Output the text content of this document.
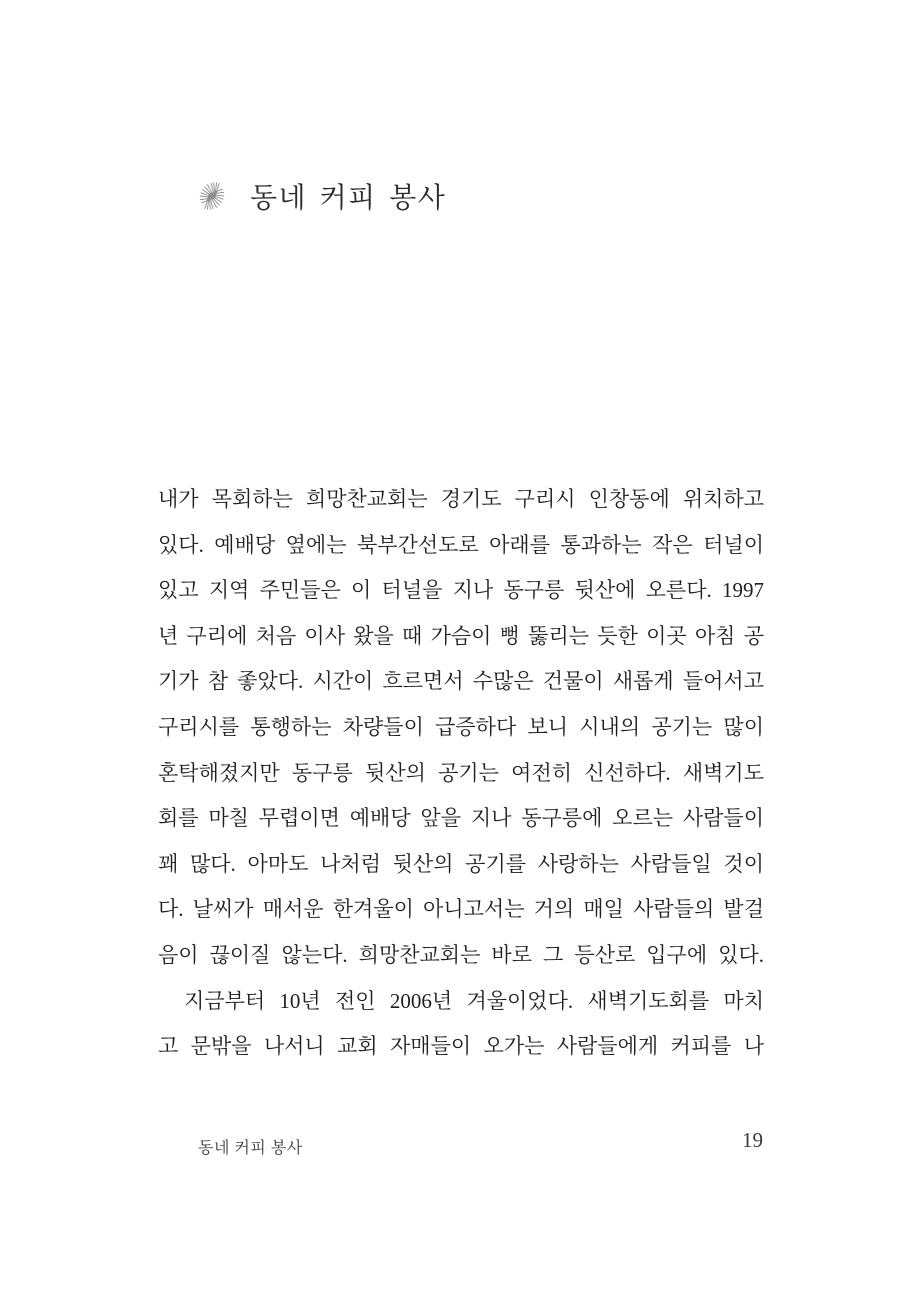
동네 커피 봉사
내가 목회하는 희망찬교회는 경기도 구리시 인창동에 위치하고
있다. 예배당 옆에는 북부간선도로 아래를 통과하는 작은 터널이
있고 지역 주민들은 이 터널을 지나 동구릉 뒷산에 오른다. 1997
년 구리에 처음 이사 왔을 때 가슴이 뻥 뚫리는 듯한 이곳 아침 공
기가 참 좋았다. 시간이 흐르면서 수많은 건물이 새롭게 들어서고
구리시를 통행하는 차량들이 급증하다 보니 시내의 공기는 많이
혼탁해졌지만 동구릉 뒷산의 공기는 여전히 신선하다. 새벽기도
회를 마칠 무렵이면 예배당 앞을 지나 동구릉에 오르는 사람들이
꽤 많다. 아마도 나처럼 뒷산의 공기를 사랑하는 사람들일 것이
다. 날씨가 매서운 한겨울이 아니고서는 거의 매일 사람들의 발걸
음이 끊이질 않는다. 희망찬교회는 바로 그 등산로 입구에 있다.
지금부터 10년 전인 2006년 겨울이었다. 새벽기도회를 마치
고 문밖을 나서니 교회 자매들이 오가는 사람들에게 커피를 나
동네 커피 봉사	19
